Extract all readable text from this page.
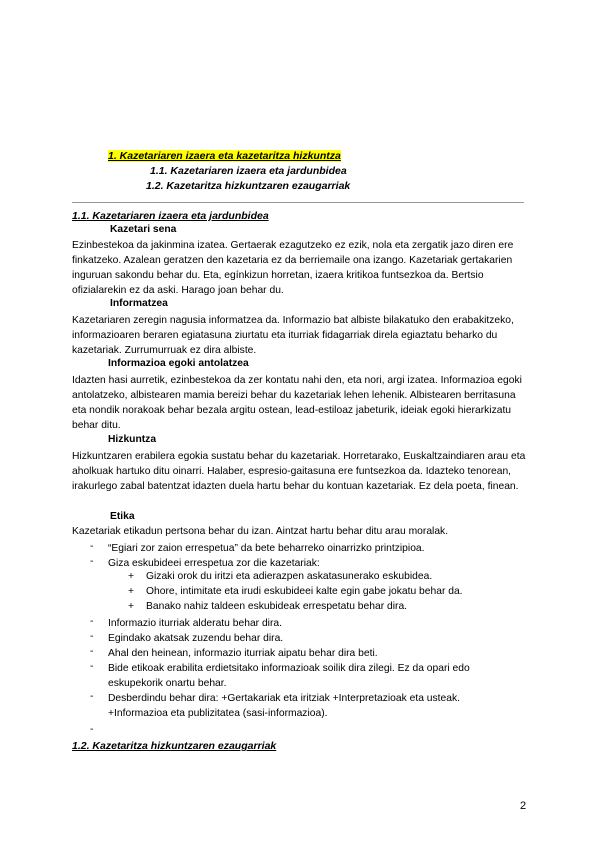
1. Kazetariaren izaera eta kazetaritza hizkuntza
1.1. Kazetariaren izaera eta jardunbidea
1.2. Kazetaritza hizkuntzaren ezaugarriak
1.1. Kazetariaren izaera eta jardunbidea
Kazetari sena
Ezinbestekoa da jakinmina izatea. Gertaerak ezagutzeko ez ezik, nola eta zergatik jazo diren ere finkatzeko. Azalean geratzen den kazetaria ez da berriemaile ona izango. Kazetariak gertakarien inguruan sakondu behar du. Eta, egínkizun horretan, izaera kritikoa funtsezkoa da. Bertsio ofizialarekin ez da aski. Harago joan behar du.
Informatzea
Kazetariaren zeregin nagusia informatzea da. Informazio bat albiste bilakatuko den erabakitzeko, informazioaren beraren egiatasuna ziurtatu eta iturriak fidagarriak direla egiaztatu beharko du kazetariak. Zurrumurruak ez dira albiste.
Informazioa egoki antolatzea
Idazten hasi aurretik, ezinbestekoa da zer kontatu nahi den, eta nori, argi izatea. Informazioa egoki antolatzeko, albistearen mamia bereizi behar du kazetariak lehen lehenik. Albistearen berritasuna eta nondik norakoak behar bezala argitu ostean, lead-estiloaz jabeturik, ideiak egoki hierarkizatu behar ditu.
Hizkuntza
Hizkuntzaren erabilera egokia sustatu behar du kazetariak. Horretarako, Euskaltzaindiaren arau eta aholkuak hartuko ditu oinarri. Halaber, espresio-gaitasuna ere funtsezkoa da. Idazteko tenorean, irakurlego zabal batentzat idazten duela hartu behar du kontuan kazetariak. Ez dela poeta, finean.
Etika
Kazetariak etikadun pertsona behar du izan. Aintzat hartu behar ditu arau moralak.
- “Egiari zor zaion errespetua” da bete beharreko oinarrizko printzipioa.
- Giza eskubideei errespetua zor die kazetariak:
+ Gizaki orok du iritzi eta adierazpen askatasunerako eskubidea.
+ Ohore, intimitate eta irudi eskubideei kalte egin gabe jokatu behar da.
+ Banako nahiz taldeen eskubideak errespetatu behar dira.
- Informazio iturriak alderatu behar dira.
- Egindako akatsak zuzendu behar dira.
- Ahal den heinean, informazio iturriak aipatu behar dira beti.
- Bide etikoak erabilita erdietsitako informazioak soilik dira zilegi. Ez da opari edo eskupekorik onartu behar.
- Desberdindu behar dira: +Gertakariak eta iritziak +Interpretazioak eta usteak. +Informazioa eta publizitatea (sasi-informazioa).
-
1.2. Kazetaritza hizkuntzaren ezaugarriak
2
